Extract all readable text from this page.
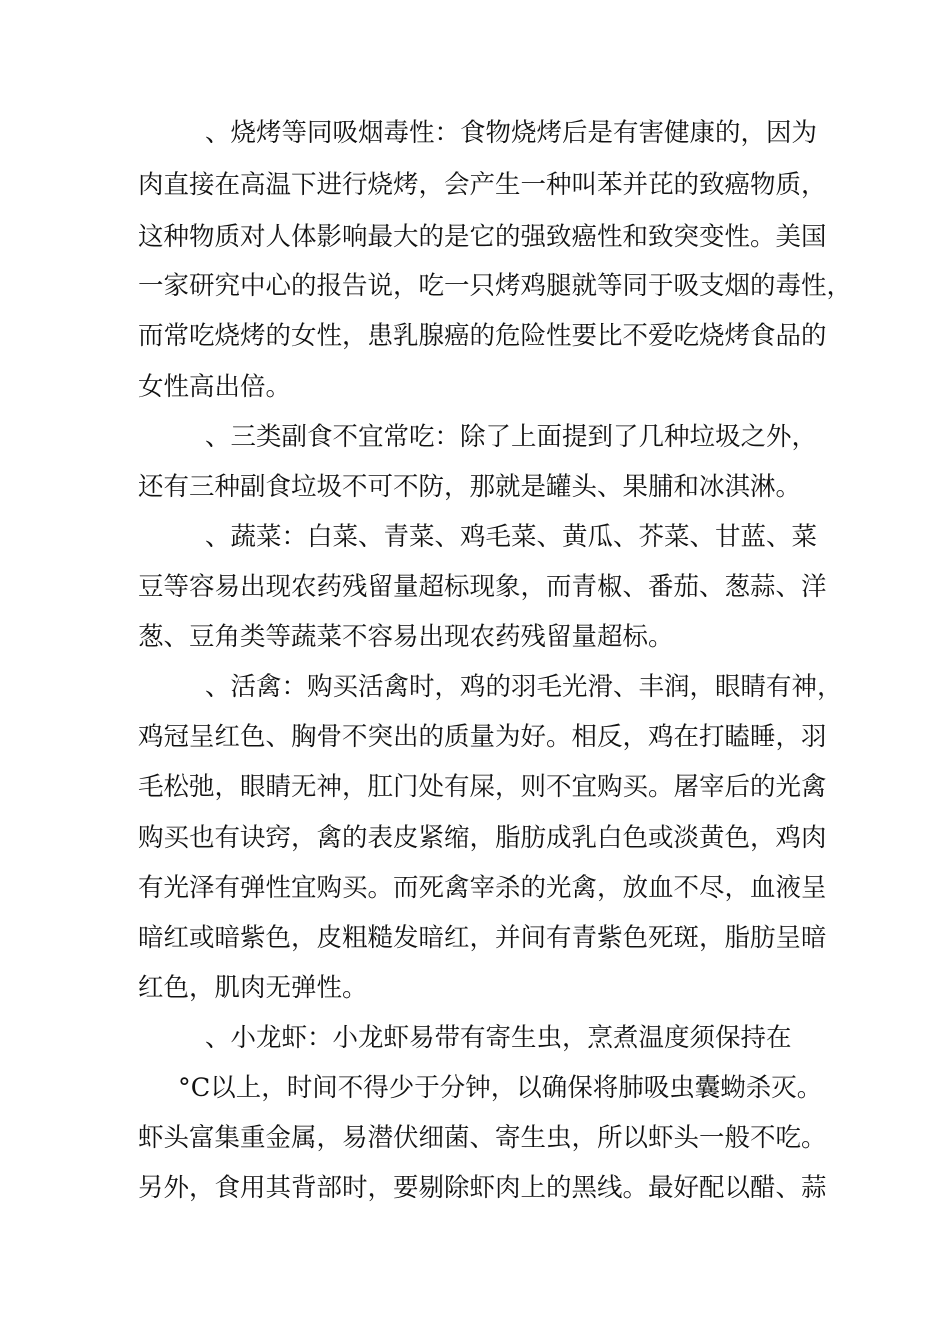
、烧烤等同吸烟毒性：食物烧烤后是有害健康的，因为
肉直接在高温下进行烧烤，会产生一种叫苯并芘的致癌物质，
这种物质对人体影响最大的是它的强致癌性和致突变性。美国
一家研究中心的报告说，吃一只烤鸡腿就等同于吸支烟的毒性，
而常吃烧烤的女性，患乳腺癌的危险性要比不爱吃烧烤食品的
女性高出倍。
、三类副食不宜常吃：除了上面提到了几种垃圾之外，
还有三种副食垃圾不可不防，那就是罐头、果脯和冰淇淋。
、蔬菜：白菜、青菜、鸡毛菜、黄瓜、芥菜、甘蓝、菜
豆等容易出现农药残留量超标现象，而青椒、番茄、葱蒜、洋
葱、豆角类等蔬菜不容易出现农药残留量超标。
、活禽：购买活禽时，鸡的羽毛光滑、丰润，眼睛有神，
鸡冠呈红色、胸骨不突出的质量为好。相反，鸡在打瞌睡，羽
毛松弛，眼睛无神，肛门处有屎，则不宜购买。屠宰后的光禽
购买也有诀窍，禽的表皮紧缩，脂肪成乳白色或淡黄色，鸡肉
有光泽有弹性宜购买。而死禽宰杀的光禽，放血不尽，血液呈
暗红或暗紫色，皮粗糙发暗红，并间有青紫色死斑，脂肪呈暗
红色，肌肉无弹性。
、小龙虾：小龙虾易带有寄生虫，烹煮温度须保持在
°C以上，时间不得少于分钟，以确保将肺吸虫囊蚴杀灭。
虾头富集重金属，易潜伏细菌、寄生虫，所以虾头一般不吃。
另外，食用其背部时，要剔除虾肉上的黑线。最好配以醋、蒜
